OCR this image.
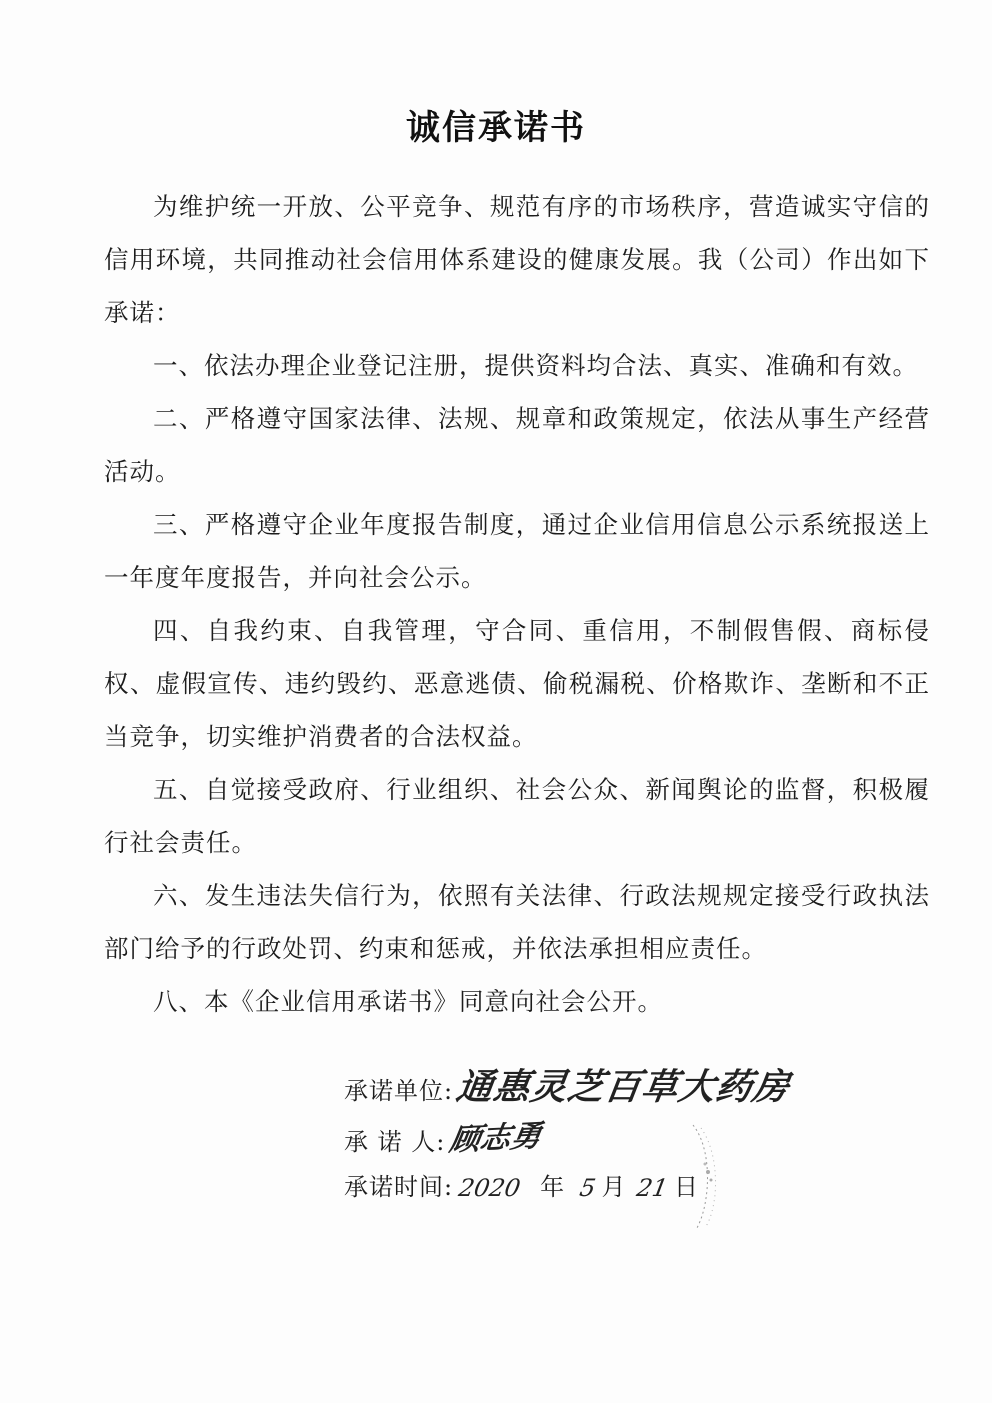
诚信承诺书

为维护统一开放、公平竞争、规范有序的市场秩序，营造诚实守信的信用环境，共同推动社会信用体系建设的健康发展。我（公司）作出如下承诺：

一、依法办理企业登记注册，提供资料均合法、真实、准确和有效。

二、严格遵守国家法律、法规、规章和政策规定，依法从事生产经营活动。

三、严格遵守企业年度报告制度，通过企业信用信息公示系统报送上一年度年度报告，并向社会公示。

四、自我约束、自我管理，守合同、重信用，不制假售假、商标侵权、虚假宣传、违约毁约、恶意逃债、偷税漏税、价格欺诈、垄断和不正当竞争，切实维护消费者的合法权益。

五、自觉接受政府、行业组织、社会公众、新闻舆论的监督，积极履行社会责任。

六、发生违法失信行为，依照有关法律、行政法规规定接受行政执法部门给予的行政处罚、约束和惩戒，并依法承担相应责任。

八、本《企业信用承诺书》同意向社会公开。

承诺单位: 通惠灵芝百草大药房
承 诺 人: 顾志勇
承诺时间: 2020 年 5 月 21 日
